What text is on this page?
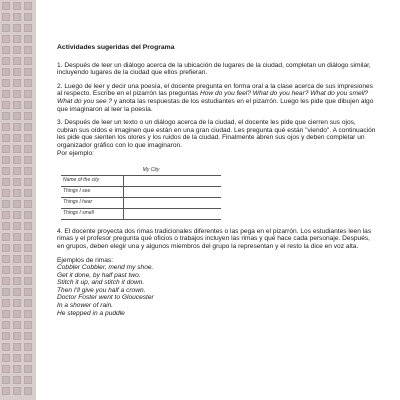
Actividades sugeridas del Programa

1. Después de leer un diálogo acerca de la ubicación de lugares de la ciudad, completan un diálogo similar, incluyendo lugares de la ciudad que ellos prefieran.

2. Luego de leer y decir una poesía, el docente pregunta en forma oral a la clase acerca de sus impresiones al respecto. Escribe en el pizarrón las preguntas How do you feel? What do you hear? What do you smell? What do you see ? y anota las respuestas de los estudiantes en el pizarrón. Luego les pide que dibujen algo que imaginaron al leer la poesía.

3. Después de leer un texto o un diálogo acerca de la ciudad, el docente les pide que cierren sus ojos, cubran sus oídos e imaginen que están en una gran ciudad. Les pregunta qué están "viendo". A continuación les pide que sienten los olores y los ruidos de la ciudad. Finalmente abren sus ojos y deben completar un organizador gráfico con lo que imaginaron.
Por ejemplo:

My City
Name of the city
Things I see
Things I hear
Things I smell

4. El docente proyecta dos rimas tradicionales diferentes o las pega en el pizarrón. Los estudiantes leen las rimas y el profesor pregunta qué oficios o trabajos incluyen las rimas y qué hace cada personaje. Después, en grupos, deben elegir una y algunos miembros del grupo la representan y el resto la dice en voz alta.

Ejemplos de rimas:

Cobbler Cobbler, mend my shoe.

Get it done, by half past two.

Stitch it up, and stitch it down.

Then I'll give you half a crown.

Doctor Foster went to Gloucester

In a shower of rain.

He stepped in a puddle
